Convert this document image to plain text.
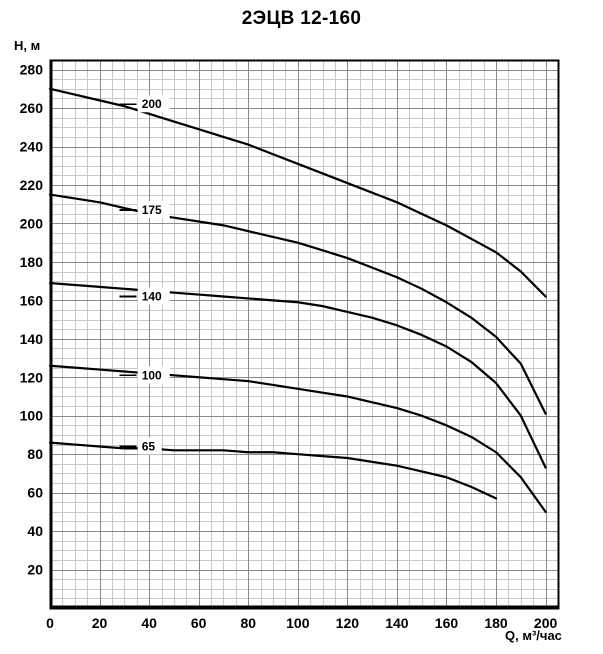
2ЭЦВ 12-160
H, м
Q, м³/час
0	20 40 60 80 100 120 140 160 180 200
20
40
60
80
100
120
140
160
180
200
220
240
260
280
200
175
140
100
65
